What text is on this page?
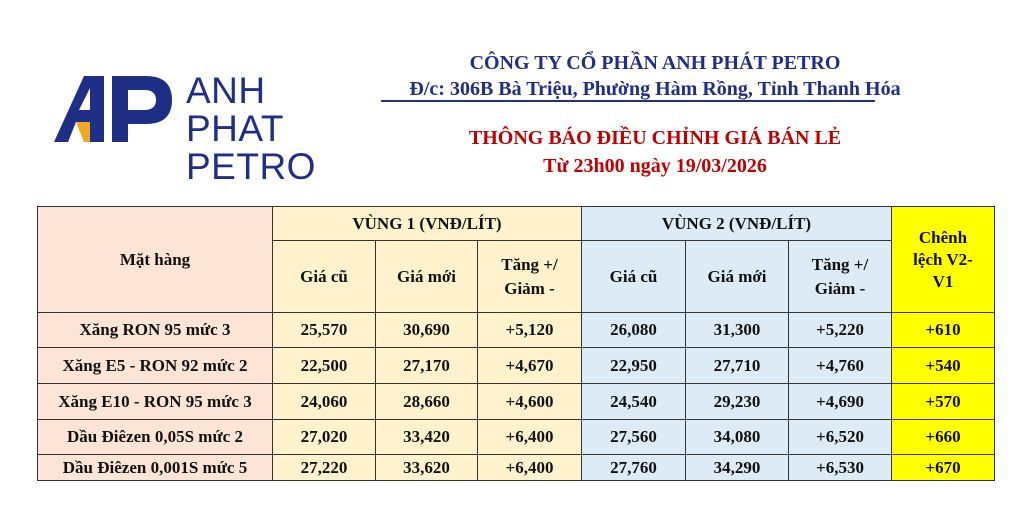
ANH PHAT
PETRO
CÔNG TY CỔ PHẦN ANH PHÁT PETRO
Đ/c: 306B Bà Triệu, Phường Hàm Rồng, Tỉnh Thanh Hóa
THÔNG BÁO ĐIỀU CHỈNH GIÁ BÁN LẺ
Từ 23h00 ngày 19/03/2026
Mặt hàng	VÙNG 1 (VNĐ/LÍT)			VÙNG 2 (VNĐ/LÍT)			Chênh lệch V2-V1
	Giá cũ	Giá mới	Tăng +/ Giảm -	Giá cũ	Giá mới	Tăng +/ Giảm -	
Xăng RON 95 mức 3	25,570	30,690	+5,120	26,080	31,300	+5,220	+610
Xăng E5 - RON 92 mức 2	22,500	27,170	+4,670	22,950	27,710	+4,760	+540
Xăng E10 - RON 95 mức 3	24,060	28,660	+4,600	24,540	29,230	+4,690	+570
Dầu Điêzen 0,05S mức 2	27,020	33,420	+6,400	27,560	34,080	+6,520	+660
Dầu Điêzen 0,001S mức 5	27,220	33,620	+6,400	27,760	34,290	+6,530	+670
